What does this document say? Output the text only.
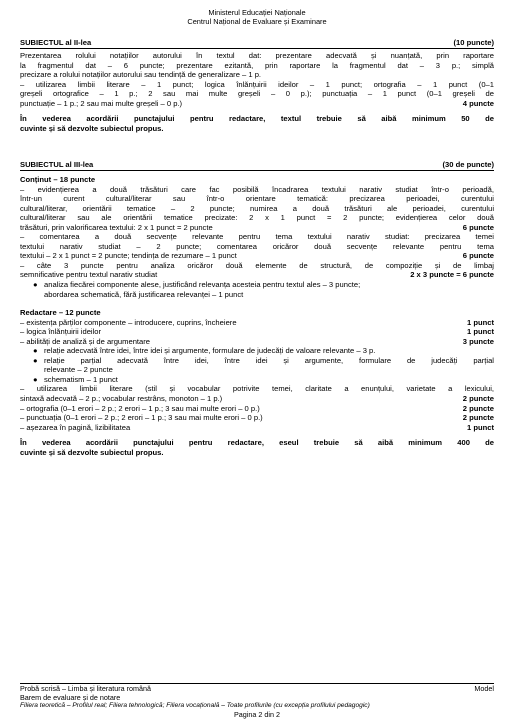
Ministerul Educației Naționale
Centrul Național de Evaluare și Examinare
SUBIECTUL al II-lea	(10 puncte)
Prezentarea rolului notațiilor autorului în textul dat: prezentare adecvată și nuanțată, prin raportare
la fragmentul dat – 6 puncte; prezentare ezitantă, prin raportare la fragmentul dat – 3 p.; simplă
precizare a rolului notațiilor autorului sau tendință de generalizare – 1 p.
– utilizarea limbii literare – 1 punct; logica înlănțuirii ideilor – 1 punct; ortografia – 1 punct (0–1
greșeli ortografice – 1 p.; 2 sau mai multe greșeli – 0 p.); punctuația – 1 punct (0–1 greșeli de
punctuație – 1 p.; 2 sau mai multe greșeli – 0 p.)	4 puncte
În vederea acordării punctajului pentru redactare, textul trebuie să aibă minimum 50 de
cuvinte și să dezvolte subiectul propus.
SUBIECTUL al III-lea	(30 de puncte)
Conținut – 18 puncte
– evidențierea a două trăsături care fac posibilă încadrarea textului narativ studiat într-o perioadă,
într-un curent cultural/literar sau într-o orientare tematică: precizarea perioadei, curentului
cultural/literar, orientării tematice – 2 puncte; numirea a două trăsături ale perioadei, curentului
cultural/literar sau ale orientării tematice precizate: 2 x 1 punct = 2 puncte; evidențierea celor două
trăsături, prin valorificarea textului: 2 x 1 punct = 2 puncte	6 puncte
– comentarea a două secvențe relevante pentru tema textului narativ studiat: precizarea temei
textului narativ studiat – 2 puncte; comentarea oricăror două secvențe relevante pentru tema
textului – 2 x 1 punct = 2 puncte; tendința de rezumare – 1 punct	6 puncte
– câte 3 puncte pentru analiza oricăror două elemente de structură, de compoziție și de limbaj
semnificative pentru textul narativ studiat	2 x 3 puncte = 6 puncte
● analiza fiecărei componente alese, justificând relevanța acesteia pentru textul ales – 3 puncte;
abordarea schematică, fără justificarea relevanței – 1 punct
Redactare – 12 puncte
– existența părților componente – introducere, cuprins, încheiere	1 punct
– logica înlănțuirii ideilor	1 punct
– abilități de analiză și de argumentare	3 puncte
● relație adecvată între idei, între idei și argumente, formulare de judecăți de valoare relevante – 3 p.
● relație parțial adecvată între idei, între idei și argumente, formulare de judecăți parțial
relevante – 2 puncte
● schematism – 1 punct
– utilizarea limbii literare (stil și vocabular potrivite temei, claritate a enunțului, varietate a lexicului,
sintaxă adecvată – 2 p.; vocabular restrâns, monoton – 1 p.)	2 puncte
– ortografia (0–1 erori – 2 p.; 2 erori – 1 p.; 3 sau mai multe erori – 0 p.)	2 puncte
– punctuația (0–1 erori – 2 p.; 2 erori – 1 p.; 3 sau mai multe erori – 0 p.)	2 puncte
– așezarea în pagină, lizibilitatea	1 punct
În vederea acordării punctajului pentru redactare, eseul trebuie să aibă minimum 400 de
cuvinte și să dezvolte subiectul propus.
Probă scrisă – Limba și literatura română	Model
Barem de evaluare și de notare
Filiera teoretică – Profilul real; Filiera tehnologică; Filiera vocațională – Toate profilurile (cu excepția profilului pedagogic)
Pagina 2 din 2
